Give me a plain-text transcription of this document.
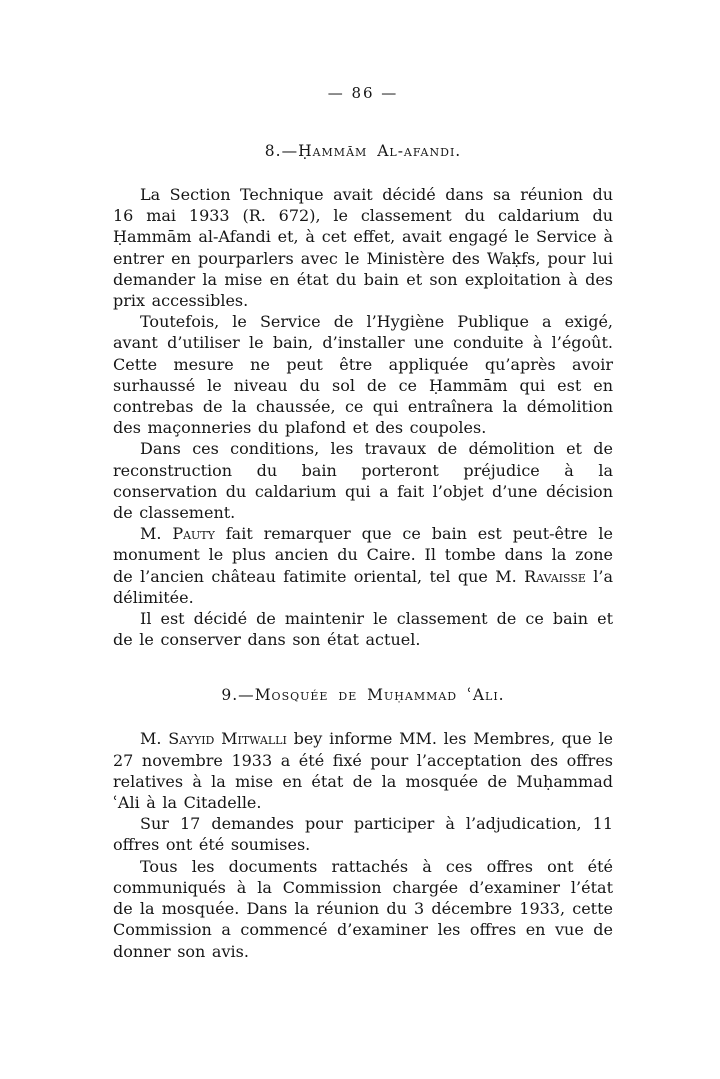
— 86 —
8.—Ḥammām Al-afandi.

La Section Technique avait décidé dans sa réunion du 16 mai 1933 (R. 672), le classement du caldarium du Ḥammām al-Afandi et, à cet effet, avait engagé le Service à entrer en pourparlers avec le Ministère des Waḳfs, pour lui demander la mise en état du bain et son exploitation à des prix accessibles.

Toutefois, le Service de l’Hygiène Publique a exigé, avant d’utiliser le bain, d’installer une conduite à l’égoût. Cette mesure ne peut être appliquée qu’après avoir surhaussé le niveau du sol de ce Ḥammām qui est en contrebas de la chaussée, ce qui entraînera la démolition des maçonneries du plafond et des coupoles.

Dans ces conditions, les travaux de démolition et de reconstruction du bain porteront préjudice à la conservation du caldarium qui a fait l’objet d’une décision de classement.

M. Pauty fait remarquer que ce bain est peut-être le monument le plus ancien du Caire. Il tombe dans la zone de l’ancien château fatimite oriental, tel que M. Ravaisse l’a délimitée.

Il est décidé de maintenir le classement de ce bain et de le conserver dans son état actuel.

9.—Mosquée de Muḥammad ʿAli.

M. Sayyid Mitwalli bey informe MM. les Membres, que le 27 novembre 1933 a été fixé pour l’acceptation des offres relatives à la mise en état de la mosquée de Muḥammad ʿAli à la Citadelle.

Sur 17 demandes pour participer à l’adjudication, 11 offres ont été soumises.

Tous les documents rattachés à ces offres ont été communiqués à la Commission chargée d’examiner l’état de la mosquée. Dans la réunion du 3 décembre 1933, cette Commission a commencé d’examiner les offres en vue de donner son avis.
